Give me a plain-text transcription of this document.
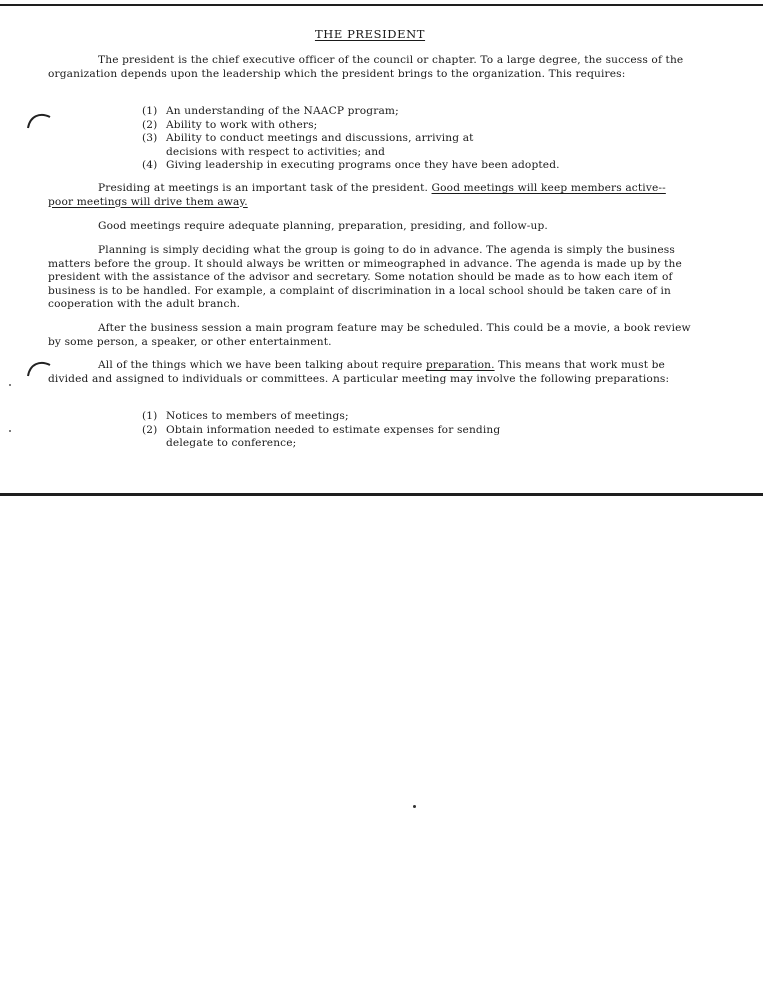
THE PRESIDENT

The president is the chief executive officer of the council or chapter. To a large degree, the success of the organization depends upon the leadership which the president brings to the organization. This requires:

(1) An understanding of the NAACP program;
(2) Ability to work with others;
(3) Ability to conduct meetings and discussions, arriving at decisions with respect to activities; and
(4) Giving leadership in executing programs once they have been adopted.

Presiding at meetings is an important task of the president. Good meetings will keep members active--poor meetings will drive them away.

Good meetings require adequate planning, preparation, presiding, and follow-up.

Planning is simply deciding what the group is going to do in advance. The agenda is simply the business matters before the group. It should always be written or mimeographed in advance. The agenda is made up by the president with the assistance of the advisor and secretary. Some notation should be made as to how each item of business is to be handled. For example, a complaint of discrimination in a local school should be taken care of in cooperation with the adult branch.

After the business session a main program feature may be scheduled. This could be a movie, a book review by some person, a speaker, or other entertainment.

All of the things which we have been talking about require preparation. This means that work must be divided and assigned to individuals or committees. A particular meeting may involve the following preparations:

(1) Notices to members of meetings;
(2) Obtain information needed to estimate expenses for sending delegate to conference;
